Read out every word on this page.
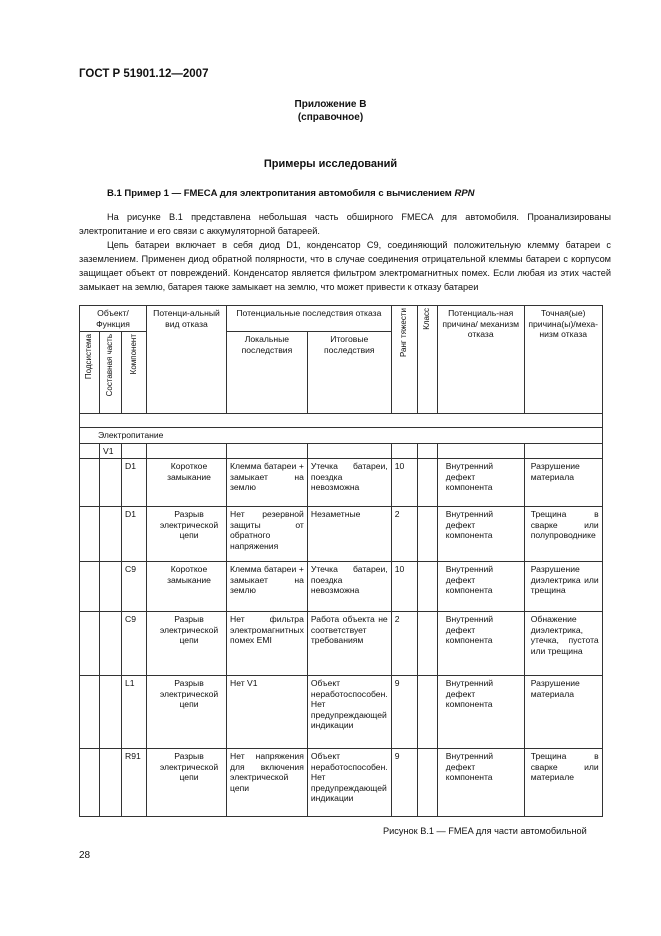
ГОСТ Р 51901.12—2007
Приложение В
(справочное)
Примеры исследований
В.1 Пример 1 — FMECA для электропитания автомобиля с вычислением RPN
На рисунке В.1 представлена небольшая часть обширного FMECA для автомобиля. Проанализированы электропитание и его связи с аккумуляторной батареей.
Цепь батареи включает в себя диод D1, конденсатор С9, соединяющий положительную клемму батареи с заземлением. Применен диод обратной полярности, что в случае соединения отрицательной клеммы батареи с корпусом защищает объект от повреждений. Конденсатор является фильтром электромагнитных помех. Если любая из этих частей замыкает на землю, батарея также замыкает на землю, что может привести к отказу батареи
Объект/Функция			Потенци-альный вид отказа	Потенциальные последствия отказа		Ранг тяжести	Класс	Потенциаль-ная причина/ механизм отказа	Точная(ые) причина(ы)/меха-низм отказа
Подсистема	Составная часть	Компонент		Локальные последствия	Итоговые последствия				

Электропитание									
	V1								
		D1	Короткое замыкание	Клемма батареи + замыкает на землю	Утечка батареи, поездка невозможна	10		Внутренний дефект компонента	Разрушение материала
		D1	Разрыв электрической цепи	Нет резервной защиты от обратного напряжения	Незаметные	2		Внутренний дефект компонента	Трещина в сварке или полупроводнике
		С9	Короткое замыкание	Клемма батареи + замыкает на землю	Утечка батареи, поездка невозможна	10		Внутренний дефект компонента	Разрушение диэлектрика или трещина
		С9	Разрыв электрической цепи	Нет фильтра электромагнитных помех EMI	Работа объекта не соответствует требованиям	2		Внутренний дефект компонента	Обнажение диэлектрика, утечка, пустота или трещина
		L1	Разрыв электрической цепи	Нет V1	Объект неработоспособен. Нет предупреждающей индикации	9		Внутренний дефект компонента	Разрушение материала
		R91	Разрыв электрической цепи	Нет напряжения для включения электрической цепи	Объект неработоспособен. Нет предупреждающей индикации	9		Внутренний дефект компонента	Трещина в сварке или материале
Рисунок В.1 — FMEA для части автомобильной
28
